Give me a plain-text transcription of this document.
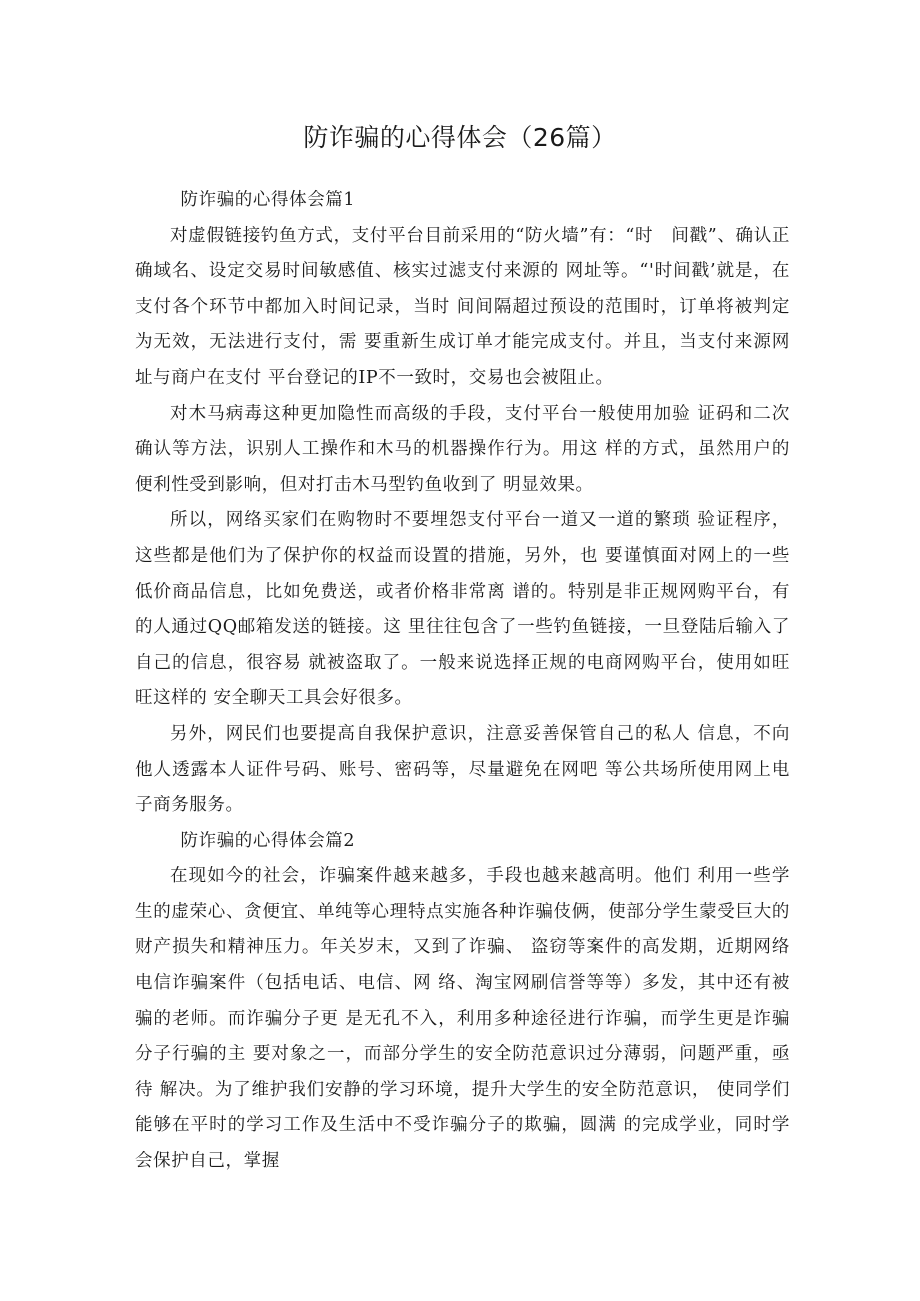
防诈骗的心得体会（26篇）

防诈骗的心得体会篇1

对虚假链接钓鱼方式，支付平台目前采用的“防火墙”有：“时　间戳”、确认正确域名、设定交易时间敏感值、核实过滤支付来源的 网址等。“'时间戳’就是，在支付各个环节中都加入时间记录，当时 间间隔超过预设的范围时，订单将被判定为无效，无法进行支付，需 要重新生成订单才能完成支付。并且，当支付来源网址与商户在支付 平台登记的IP不一致时，交易也会被阻止。

对木马病毒这种更加隐性而高级的手段，支付平台一般使用加验 证码和二次确认等方法，识别人工操作和木马的机器操作行为。用这 样的方式，虽然用户的便利性受到影响，但对打击木马型钓鱼收到了 明显效果。

所以，网络买家们在购物时不要埋怨支付平台一道又一道的繁琐 验证程序，这些都是他们为了保护你的权益而设置的措施，另外，也 要谨慎面对网上的一些低价商品信息，比如免费送，或者价格非常离 谱的。特别是非正规网购平台，有的人通过QQ邮箱发送的链接。这 里往往包含了一些钓鱼链接，一旦登陆后输入了自己的信息，很容易 就被盗取了。一般来说选择正规的电商网购平台，使用如旺旺这样的 安全聊天工具会好很多。

另外，网民们也要提高自我保护意识，注意妥善保管自己的私人 信息，不向他人透露本人证件号码、账号、密码等，尽量避免在网吧 等公共场所使用网上电子商务服务。

防诈骗的心得体会篇2

在现如今的社会，诈骗案件越来越多，手段也越来越高明。他们 利用一些学生的虚荣心、贪便宜、单纯等心理特点实施各种诈骗伎俩，使部分学生蒙受巨大的财产损失和精神压力。年关岁末，又到了诈骗、 盗窃等案件的高发期，近期网络电信诈骗案件（包括电话、电信、网 络、淘宝网刷信誉等等）多发，其中还有被骗的老师。而诈骗分子更 是无孔不入，利用多种途径进行诈骗，而学生更是诈骗分子行骗的主 要对象之一，而部分学生的安全防范意识过分薄弱，问题严重，亟待 解决。为了维护我们安静的学习环境，提升大学生的安全防范意识， 使同学们能够在平时的学习工作及生活中不受诈骗分子的欺骗，圆满 的完成学业，同时学会保护自己，掌握
